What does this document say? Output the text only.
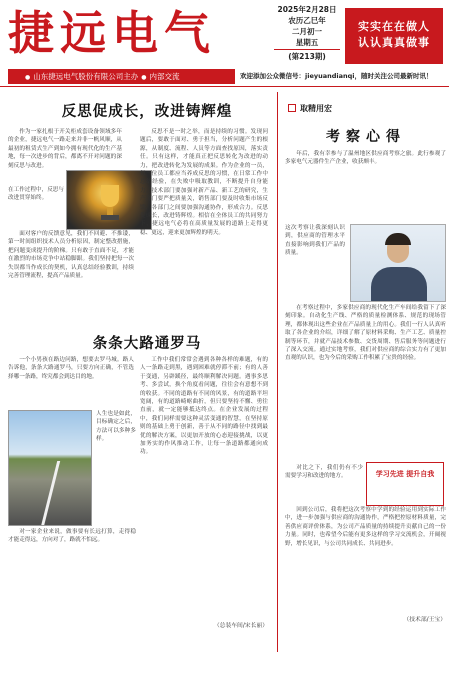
捷远电气	2025年2月28日
农历乙巳年
二月初一
星期五
(第213期)
实实在在做人
认认真真做事
● 山东捷远电气股份有限公司主办 ● 内部交流	欢迎添加公众微信号：jieyuandianqi，随时关注公司最新时讯！
反思促成长，改进铸辉煌
作为一家扎根于开关柜成套设备领域多年的企业，捷远电气一路走来并非一帆风顺，从最初的租赁式生产到如今拥有现代化的生产基地，每一次进步的背后，都离不开对问题的深刻反思与改进。
在工作过程中，反思与改进贯穿始终。
面对客户的反馈意见，我们不回避、不推诿，第一时间组织技术人员分析原因，制定整改措施，把问题变成提升的阶梯。只有敢于直面不足，才能在激烈的市场竞争中站稳脚跟。我们坚持把每一次失误都当作成长的契机，认真总结经验教训，持续完善管理流程，提高产品质量。
反思不是一时之举，而是持续的习惯。发现问题后，要敢于面对、勇于担当，分析问题产生的根源，从制度、流程、人员等方面查找原因，落实责任。只有这样，才能真正把反思转化为改进的动力，把改进转化为发展的成果。作为企业的一员，每一位员工都应当养成反思的习惯，在日常工作中总结经验，在失败中吸取教训，不断提升自身能力。技术部门要加强对新产品、新工艺的研究，生产部门要严把质量关，销售部门要及时收集市场反馈，各部门之间要加强沟通协作，形成合力。反思促成长，改进铸辉煌。相信在全体员工的共同努力下，捷远电气必将在高质量发展的道路上走得更稳、更远，迎来更加辉煌的明天。
条条大路通罗马
一个小男孩在路边问路，想要去罗马城。路人告诉他，条条大路通罗马，只要方向正确，不管选择哪一条路，终究都会到达目的地。
人生也是如此，目标确定之后，方法可以多种多样。
对一家企业来说，做事要有长远打算，走得稳才能走得远，方向对了，路就不怕远。
工作中我们常常会遇到各种各样的难题，有的人一条路走到黑，遇到困难就停滞不前；有的人善于变通，另辟蹊径，最终顺利解决问题。遇事多思考、多尝试，换个角度看问题，往往会有意想不到的收获。不同的道路有不同的风景，有的道路平坦宽阔，有的道路崎岖曲折，但只要坚持不懈、勇往直前，就一定能够抵达终点。在企业发展的过程中，我们同样需要这种灵活变通的智慧，在坚持原则的基础上勇于创新，善于从不同的路径中找到最优的解决方案，以更加开放的心态迎接挑战，以更加务实的作风推动工作，让每一条道路都通向成功。
（总装车间/宋长丽）
取精用宏
考察心得
年后，我有幸参与了温州地区供应商考察之旅。此行参观了多家电气元器件生产企业，收获颇丰。
这次考察让我深刻认识到，供应商的管理水平直接影响到我们产品的质量。
在考察过程中，多家供应商的现代化生产车间给我留下了深刻印象。自动化生产线、严格的质量检测体系、规范的现场管理，都体现出这些企业在产品质量上的用心。我们一行人认真听取了各企业的介绍，详细了解了原材料采购、生产工艺、质量控制等环节，并就产品技术参数、交货周期、售后服务等问题进行了深入交流。通过实地考察，我们对供应商的综合实力有了更加直观的认识，也为今后的采购工作积累了宝贵的经验。
对比之下，我们仍有不少需要学习和改进的地方。	学习先进 提升自我
回到公司后，我将把这次考察中学到的经验运用到实际工作中，进一步加强与供应商的沟通协作，严格把控原材料质量，完善供应商评价体系，为公司产品质量的持续提升贡献自己的一份力量。同时，也希望今后能有更多这样的学习交流机会，开阔视野，增长见识，与公司共同成长、共同进步。
（技术部/王宝）
